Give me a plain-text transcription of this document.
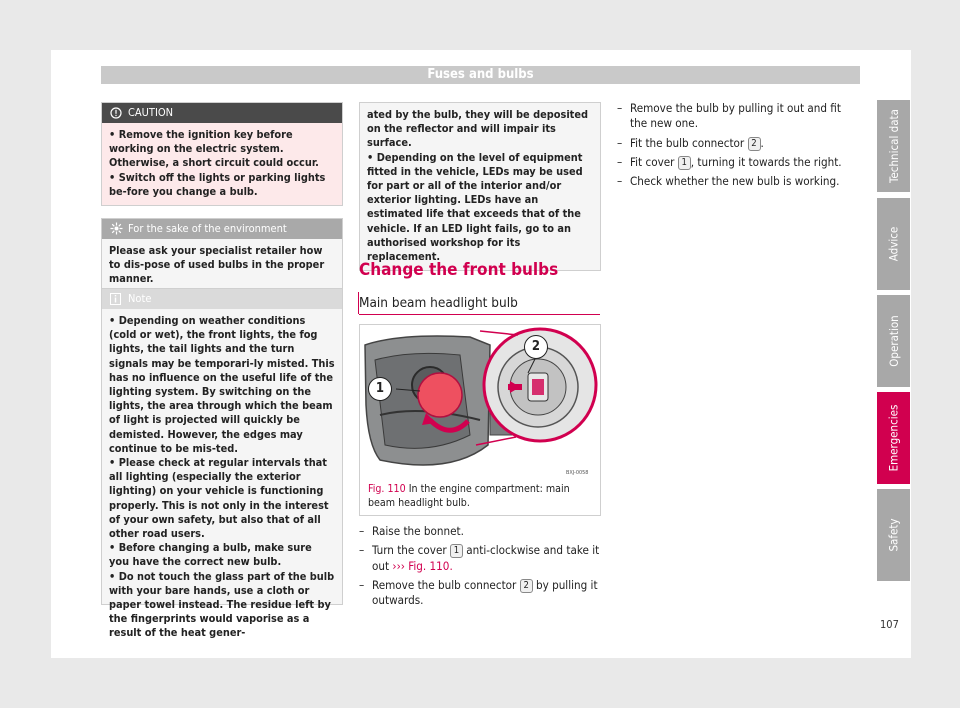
Fuses and bulbs
CAUTION
• Remove the ignition key before working on the electric system. Otherwise, a short circuit could occur.
• Switch off the lights or parking lights be-fore you change a bulb.
For the sake of the environment
Please ask your specialist retailer how to dis-pose of used bulbs in the proper manner.
Note
• Depending on weather conditions (cold or wet), the front lights, the fog lights, the tail lights and the turn signals may be temporari-ly misted. This has no influence on the useful life of the lighting system. By switching on the lights, the area through which the beam of light is projected will quickly be demisted. However, the edges may continue to be mis-ted.
• Please check at regular intervals that all lighting (especially the exterior lighting) on your vehicle is functioning properly. This is not only in the interest of your own safety, but also that of all other road users.
• Before changing a bulb, make sure you have the correct new bulb.
• Do not touch the glass part of the bulb with your bare hands, use a cloth or paper towel instead. The residue left by the fingerprints would vaporise as a result of the heat gener-
ated by the bulb, they will be deposited on the reflector and will impair its surface.
• Depending on the level of equipment fitted in the vehicle, LEDs may be used for part or all of the interior and/or exterior lighting. LEDs have an estimated life that exceeds that of the vehicle. If an LED light fails, go to an authorised workshop for its replacement.
Change the front bulbs
Main beam headlight bulb
1
2
BXJ-0058
Fig. 110 In the engine compartment: main beam headlight bulb.
– Raise the bonnet.
– Turn the cover 1 anti-clockwise and take it out ››› Fig. 110.
– Remove the bulb connector 2 by pulling it outwards.
– Remove the bulb by pulling it out and fit the new one.
– Fit the bulb connector 2 .
– Fit cover 1 , turning it towards the right.
– Check whether the new bulb is working.	Technical data
Advice
Operation
Emergencies
Safety
107
